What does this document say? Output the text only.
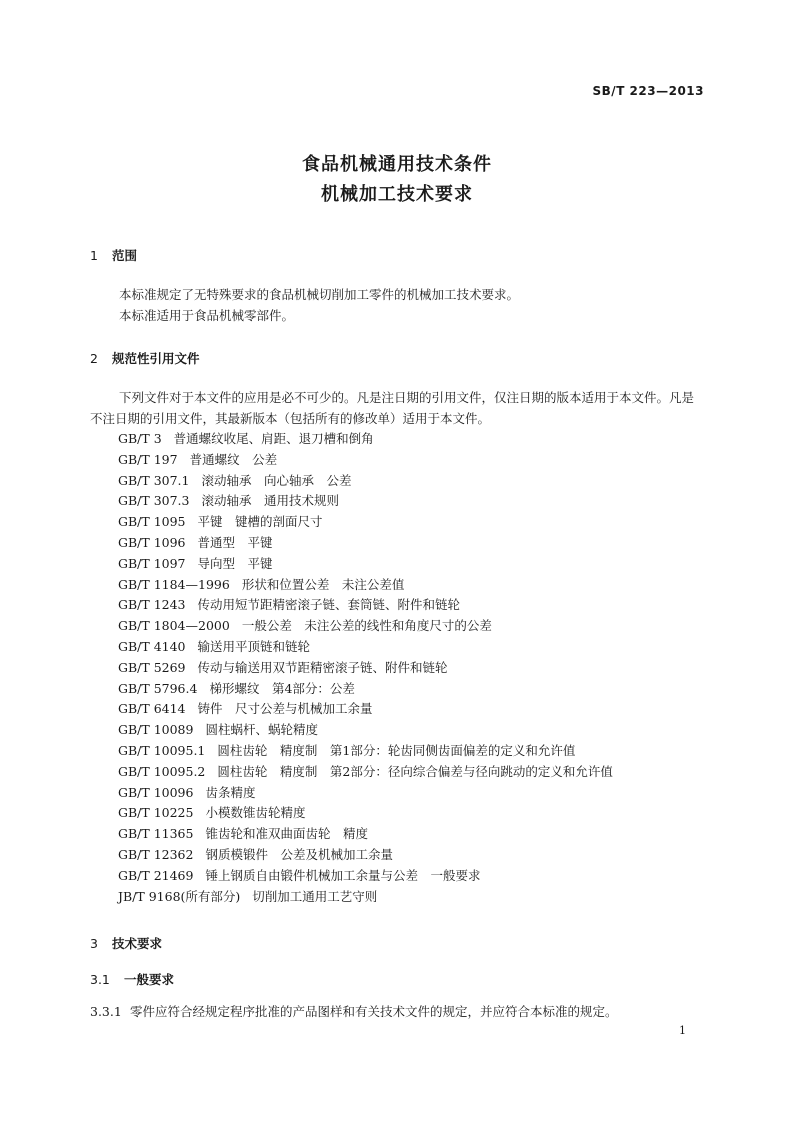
SB/T 223—2013
食品机械通用技术条件
机械加工技术要求
1 范围
本标准规定了无特殊要求的食品机械切削加工零件的机械加工技术要求。
本标准适用于食品机械零部件。
2 规范性引用文件
下列文件对于本文件的应用是必不可少的。凡是注日期的引用文件，仅注日期的版本适用于本文件。凡是不注日期的引用文件，其最新版本（包括所有的修改单）适用于本文件。
GB/T 3 普通螺纹收尾、肩距、退刀槽和倒角
GB/T 197 普通螺纹　公差
GB/T 307.1 滚动轴承　向心轴承　公差
GB/T 307.3 滚动轴承　通用技术规则
GB/T 1095 平键　键槽的剖面尺寸
GB/T 1096 普通型　平键
GB/T 1097 导向型　平键
GB/T 1184—1996 形状和位置公差　未注公差值
GB/T 1243 传动用短节距精密滚子链、套筒链、附件和链轮
GB/T 1804—2000 一般公差　未注公差的线性和角度尺寸的公差
GB/T 4140 输送用平顶链和链轮
GB/T 5269 传动与输送用双节距精密滚子链、附件和链轮
GB/T 5796.4 梯形螺纹　第4部分：公差
GB/T 6414 铸件　尺寸公差与机械加工余量
GB/T 10089 圆柱蜗杆、蜗轮精度
GB/T 10095.1 圆柱齿轮　精度制　第1部分：轮齿同侧齿面偏差的定义和允许值
GB/T 10095.2 圆柱齿轮　精度制　第2部分：径向综合偏差与径向跳动的定义和允许值
GB/T 10096 齿条精度
GB/T 10225 小模数锥齿轮精度
GB/T 11365 锥齿轮和准双曲面齿轮　精度
GB/T 12362 钢质模锻件　公差及机械加工余量
GB/T 21469 锤上钢质自由锻件机械加工余量与公差　一般要求
JB/T 9168(所有部分) 切削加工通用工艺守则
3 技术要求
3.1 一般要求
3.3.1 零件应符合经规定程序批准的产品图样和有关技术文件的规定，并应符合本标准的规定。
1
